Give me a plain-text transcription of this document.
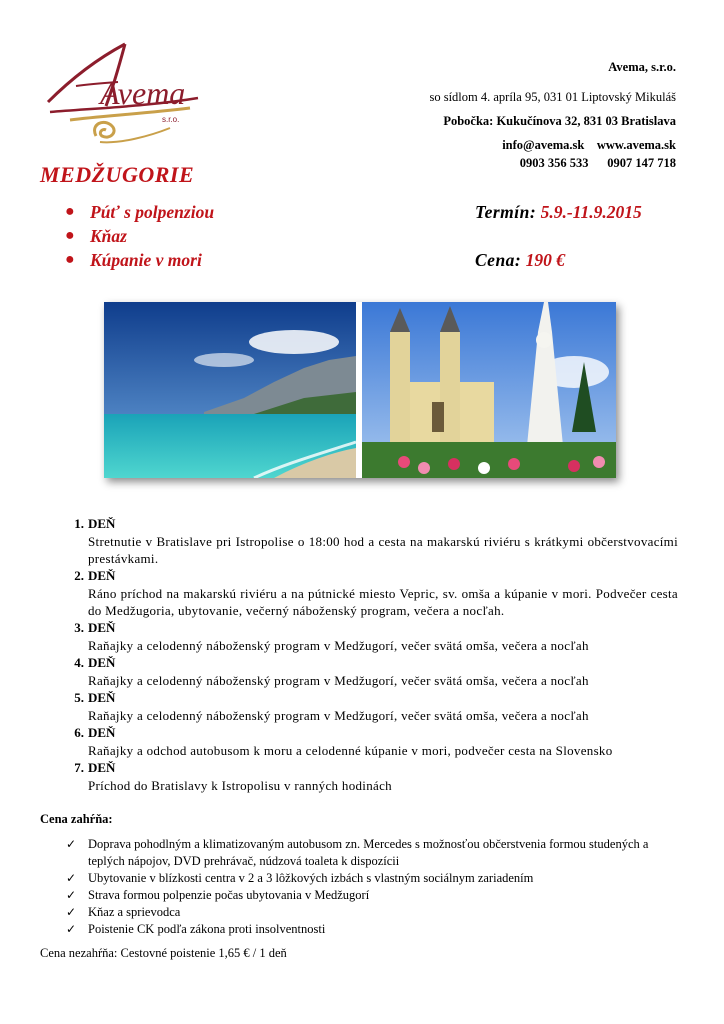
Avema
s.r.o.
Avema, s.r.o.
so sídlom 4. apríla 95, 031 01 Liptovský Mikuláš
Pobočka: Kukučínova 32, 831 03 Bratislava
info@avema.sk    www.avema.sk
0903 356 533      0907 147 718
MEDŽUGORIE
● Púť s polpenziou	Termín: 5.9.-11.9.2015
● Kňaz
● Kúpanie v mori	Cena: 190 €
1. DEŇ
Stretnutie v Bratislave pri Istropolise o 18:00 hod a cesta na makarskú riviéru s krátkymi občerstvovacími prestávkami.
2. DEŇ
Ráno príchod na makarskú riviéru a na pútnické miesto Vepric, sv. omša a kúpanie v mori. Podvečer cesta do Medžugoria, ubytovanie, večerný náboženský program, večera a nocľah.
3. DEŇ
Raňajky a celodenný náboženský program v Medžugorí, večer svätá omša, večera a nocľah
4. DEŇ
Raňajky a celodenný náboženský program v Medžugorí, večer svätá omša, večera a nocľah
5. DEŇ
Raňajky a celodenný náboženský program v Medžugorí, večer svätá omša, večera a nocľah
6. DEŇ
Raňajky a odchod autobusom k moru a celodenné kúpanie v mori, podvečer cesta na Slovensko
7. DEŇ
Príchod do Bratislavy k Istropolisu v ranných hodinách
Cena zahŕňa:
✓ Doprava pohodlným a klimatizovaným autobusom zn. Mercedes s možnosťou občerstvenia formou studených a teplých nápojov, DVD prehrávač, núdzová toaleta k dispozícii
✓ Ubytovanie v blízkosti centra v 2 a 3 lôžkových izbách s vlastným sociálnym zariadením
✓ Strava formou polpenzie počas ubytovania v Medžugorí
✓ Kňaz a sprievodca
✓ Poistenie CK podľa zákona proti insolventnosti
Cena nezahŕňa: Cestovné poistenie 1,65 € / 1 deň
